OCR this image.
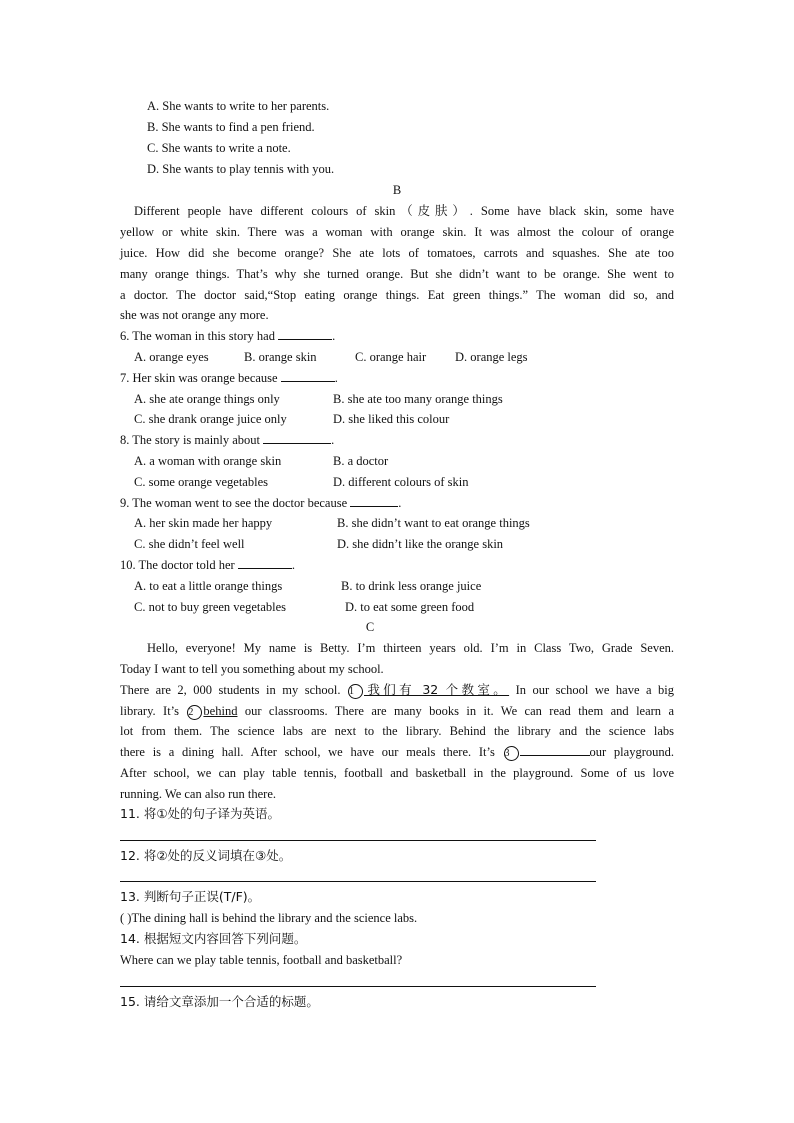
A. She wants to write to her parents.
B. She wants to find a pen friend.
C. She wants to write a note.
D. She wants to play tennis with you.
B
Different people have different colours of skin（皮肤）. Some have black skin, some have
yellow or white skin. There was a woman with orange skin. It was almost the colour of orange
juice. How did she become orange? She ate lots of tomatoes, carrots and squashes. She ate too
many orange things. That’s why she turned orange. But she didn’t want to be orange. She went to
a doctor. The doctor said,“Stop eating orange things. Eat green things.” The woman did so, and
she was not orange any more.
6. The woman in this story had	.
A. orange eyes	B. orange skin	C. orange hair D. orange legs
7. Her skin was orange because	.
A. she ate orange things only	B. she ate too many orange things
C. she drank orange juice only	D. she liked this colour
8. The story is mainly about	.
A. a woman with orange skin	B. a doctor
C. some orange vegetables	D. different colours of skin
9. The woman went to see the doctor because	.
A. her skin made her happy	B. she didn’t want to eat orange things
C. she didn’t feel well	D. she didn’t like the orange skin
10. The doctor told her	.
A. to eat a little orange things	B. to drink less orange juice
C. not to buy green vegetables	D. to eat some green food
C
Hello, everyone! My name is Betty. I’m thirteen years old. I’m in Class Two, Grade Seven.
Today I want to tell you something about my school.
There are 2, 000 students in my school. 1 我们有 32 个教室。 In our school we have a big
library. It’s 2 behind our classrooms. There are many books in it. We can read them and learn a
lot from them. The science labs are next to the library. Behind the library and the science labs
there is a dining hall. After school, we have our meals there. It’s 3	our playground.
After school, we can play table tennis, football and basketball in the playground. Some of us love
running. We can also run there.
11. 将①处的句子译为英语。
12. 将②处的反义词填在③处。
13. 判断句子正误(T/F)。
( )The dining hall is behind the library and the science labs.
14. 根据短文内容回答下列问题。
Where can we play table tennis, football and basketball?
15. 请给文章添加一个合适的标题。
